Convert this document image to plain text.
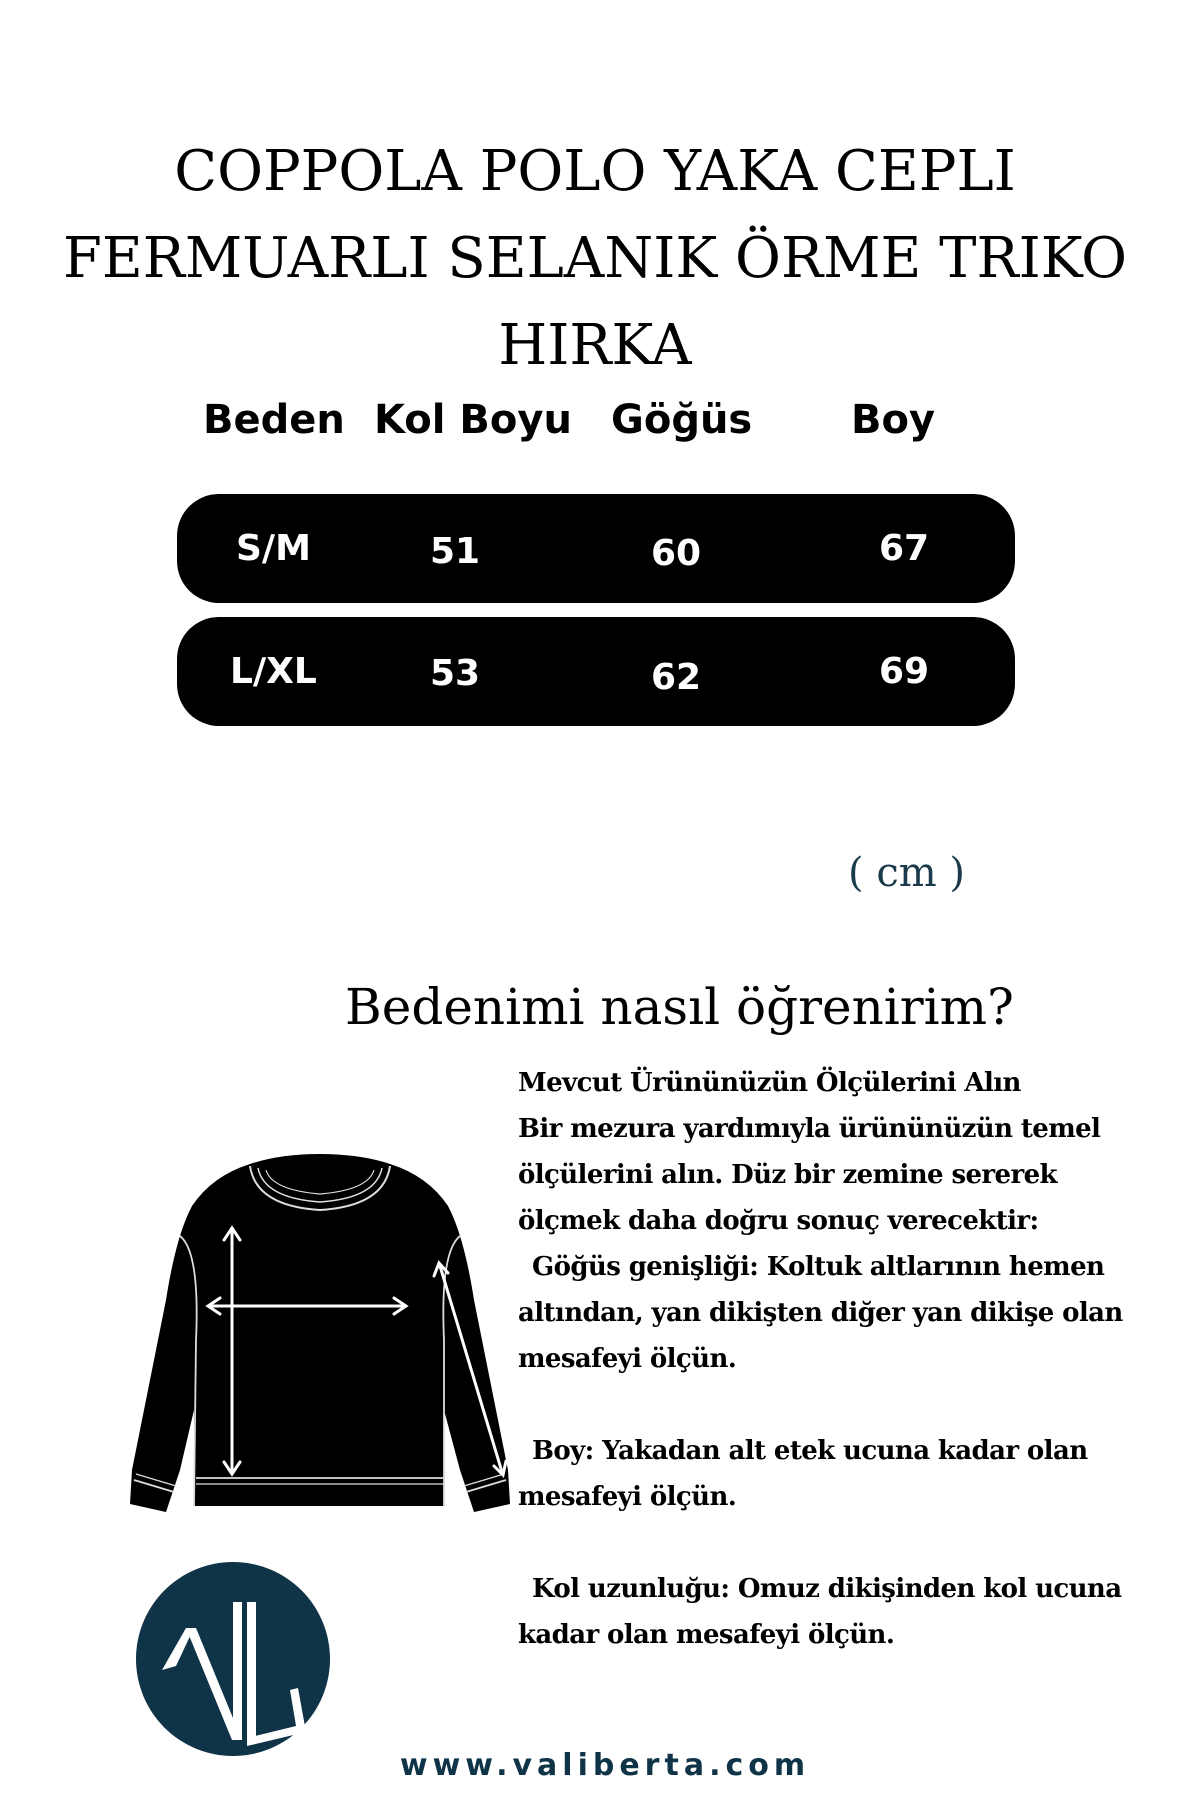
COPPOLA POLO YAKA CEPLI
FERMUARLI SELANIK ÖRME TRIKO
HIRKA
Beden Kol Boyu Göğüs Boy
S/M	51	60	67
L/XL	53	62	69
( cm )
Bedenimi nasıl öğrenirim?

Mevcut Ürününüzün Ölçülerini Alın

Bir mezura yardımıyla ürününüzün temel

ölçülerini alın. Düz bir zemine sererek

ölçmek daha doğru sonuç verecektir:

Göğüs genişliği: Koltuk altlarının hemen

altından, yan dikişten diğer yan dikişe olan

mesafeyi ölçün.

Boy: Yakadan alt etek ucuna kadar olan

mesafeyi ölçün.

Kol uzunluğu: Omuz dikişinden kol ucuna

kadar olan mesafeyi ölçün.

www.valiberta.com
